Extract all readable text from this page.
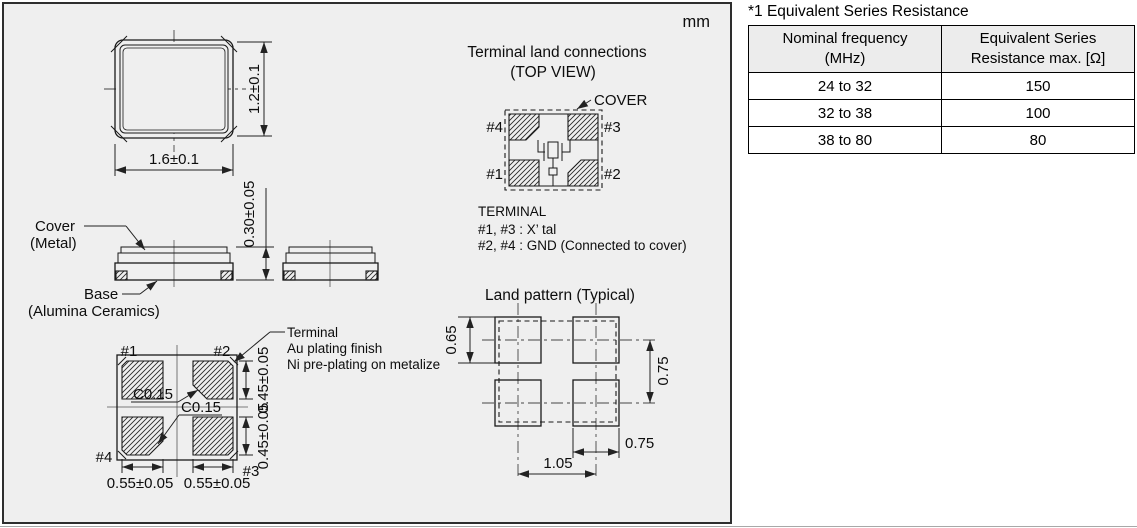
mm
1.6±0.1
1.2±0.1
0.30±0.05
Cover
(Metal)
Base
(Alumina Ceramics)
#1	#2
#4
#3
C0.15
C0.15
Terminal
Au plating finish
Ni pre-plating on metalize
0.45±0.05
0.45±0.05
0.55±0.05 0.55±0.05
Terminal land connections
(TOP VIEW)
#4	#3
#1	#2
COVER
TERMINAL
#1, #3 : X’ tal
#2, #4 : GND (Connected to cover)
Land pattern (Typical)
0.65
0.75
0.75
1.05
*1 Equivalent Series Resistance
Nominal frequency
(MHz)

Equivalent Series
Resistance max. [Ω]

24 to 32	150
32 to 38	100
38 to 80	80
